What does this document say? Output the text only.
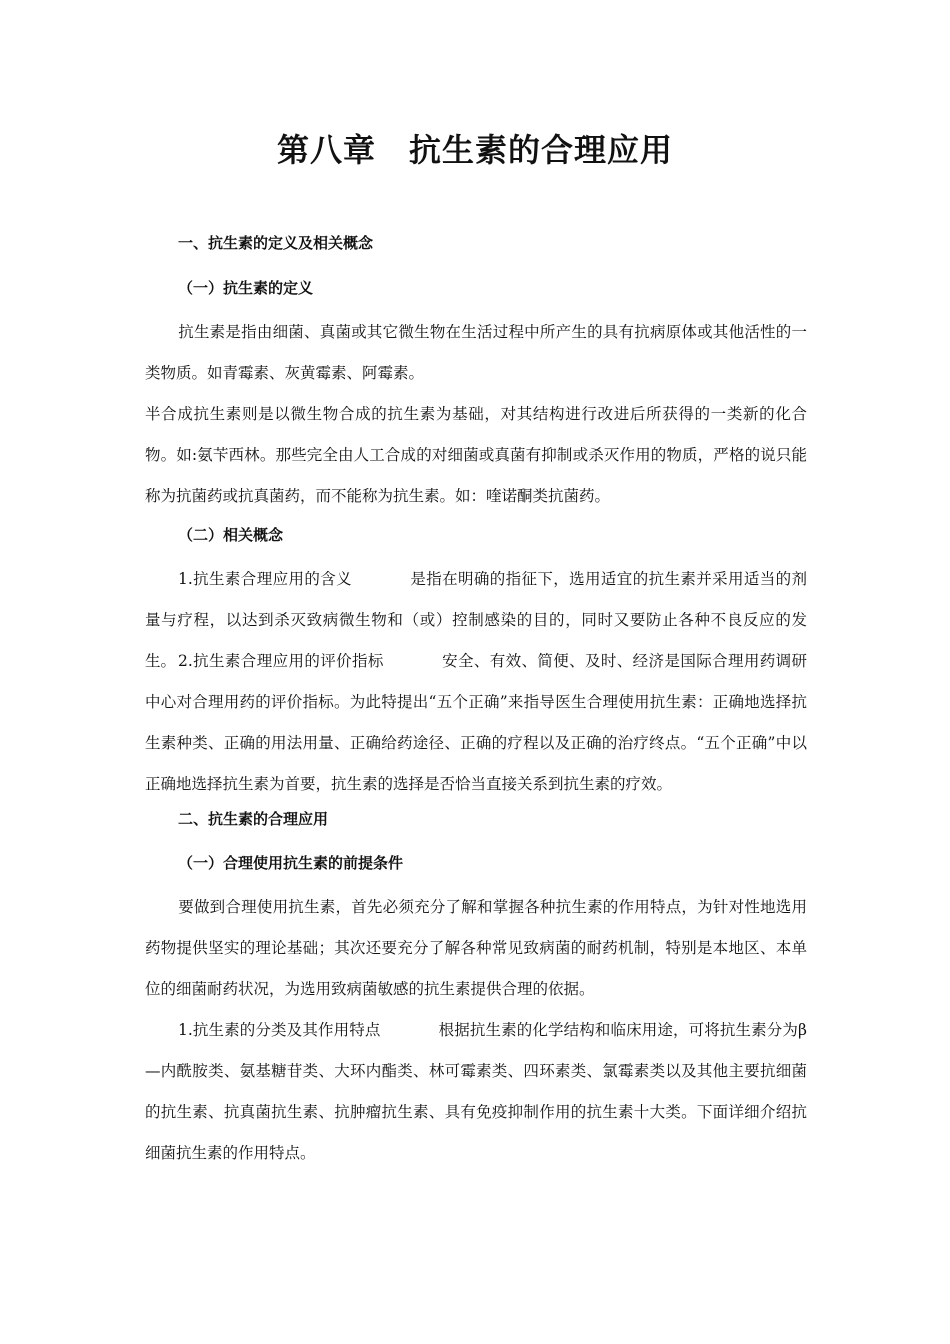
第八章　抗生素的合理应用
一、抗生素的定义及相关概念
（一）抗生素的定义
抗生素是指由细菌、真菌或其它微生物在生活过程中所产生的具有抗病原体或其他活性的一类物质。如青霉素、灰黄霉素、阿霉素。
半合成抗生素则是以微生物合成的抗生素为基础，对其结构进行改进后所获得的一类新的化合物。如:氨苄西林。那些完全由人工合成的对细菌或真菌有抑制或杀灭作用的物质，严格的说只能称为抗菌药或抗真菌药，而不能称为抗生素。如：喹诺酮类抗菌药。
（二）相关概念
1.抗生素合理应用的含义	是指在明确的指征下，选用适宜的抗生素并采用适当的剂量与疗程，以达到杀灭致病微生物和（或）控制感染的目的，同时又要防止各种不良反应的发生。 2.抗生素合理应用的评价指标	安全、有效、简便、及时、经济是国际合理用药调研中心对合理用药的评价指标。为此特提出“五个正确”来指导医生合理使用抗生素：正确地选择抗生素种类、正确的用法用量、正确给药途径、正确的疗程以及正确的治疗终点。“五个正确”中以正确地选择抗生素为首要，抗生素的选择是否恰当直接关系到抗生素的疗效。
二、抗生素的合理应用
（一）合理使用抗生素的前提条件
要做到合理使用抗生素，首先必须充分了解和掌握各种抗生素的作用特点，为针对性地选用药物提供坚实的理论基础；其次还要充分了解各种常见致病菌的耐药机制，特别是本地区、本单位的细菌耐药状况，为选用致病菌敏感的抗生素提供合理的依据。
1.抗生素的分类及其作用特点	根据抗生素的化学结构和临床用途，可将抗生素分为β—内酰胺类、氨基糖苷类、大环内酯类、林可霉素类、四环素类、氯霉素类以及其他主要抗细菌的抗生素、抗真菌抗生素、抗肿瘤抗生素、具有免疫抑制作用的抗生素十大类。下面详细介绍抗细菌抗生素的作用特点。
